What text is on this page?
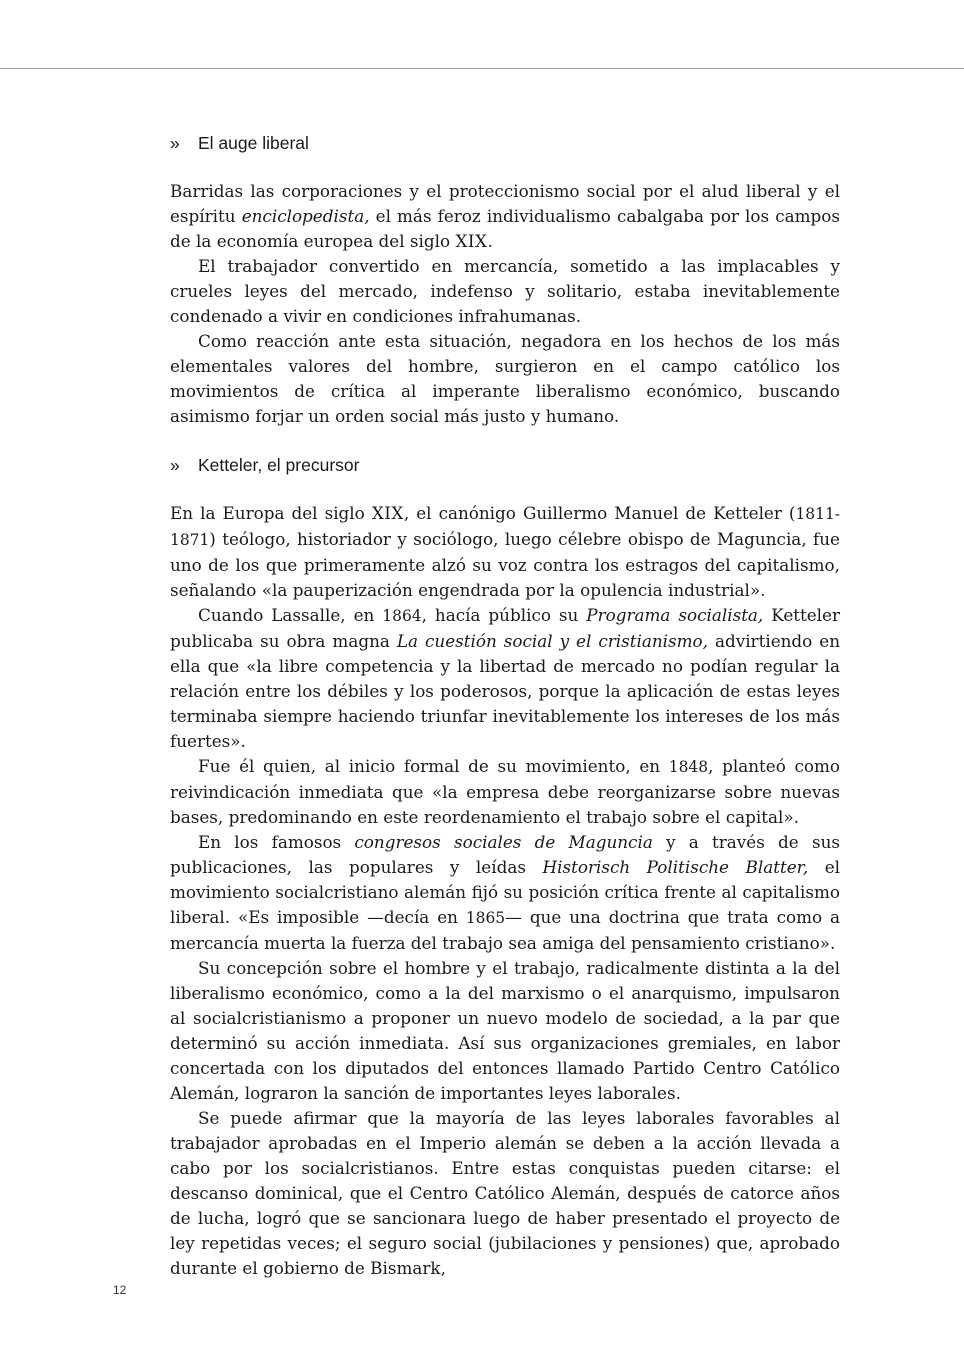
» El auge liberal

Barridas las corporaciones y el proteccionismo social por el alud liberal y el espíritu enciclopedista, el más feroz individualismo cabalgaba por los campos de la economía europea del siglo XIX.

El trabajador convertido en mercancía, sometido a las implacables y crueles leyes del mercado, indefenso y solitario, estaba inevitablemente condenado a vivir en condiciones infrahumanas.

Como reacción ante esta situación, negadora en los hechos de los más elementales valores del hombre, surgieron en el campo católico los movimientos de crítica al imperante liberalismo económico, buscando asimismo forjar un orden social más justo y humano.

» Ketteler, el precursor

En la Europa del siglo XIX, el canónigo Guillermo Manuel de Ketteler (1811-1871) teólogo, historiador y sociólogo, luego célebre obispo de Maguncia, fue uno de los que primeramente alzó su voz contra los estragos del capitalismo, señalando «la pauperización engendrada por la opulencia industrial».

Cuando Lassalle, en 1864, hacía público su Programa socialista, Ketteler publicaba su obra magna La cuestión social y el cristianismo, advirtiendo en ella que «la libre competencia y la libertad de mercado no podían regular la relación entre los débiles y los poderosos, porque la aplicación de estas leyes terminaba siempre haciendo triunfar inevitablemente los intereses de los más fuertes».

Fue él quien, al inicio formal de su movimiento, en 1848, planteó como reivindicación inmediata que «la empresa debe reorganizarse sobre nuevas bases, predominando en este reordenamiento el trabajo sobre el capital».

En los famosos congresos sociales de Maguncia y a través de sus publicaciones, las populares y leídas Historisch Politische Blatter, el movimiento socialcristiano alemán fijó su posición crítica frente al capitalismo liberal. «Es imposible —decía en 1865— que una doctrina que trata como a mercancía muerta la fuerza del trabajo sea amiga del pensamiento cristiano».

Su concepción sobre el hombre y el trabajo, radicalmente distinta a la del liberalismo económico, como a la del marxismo o el anarquismo, impulsaron al socialcristianismo a proponer un nuevo modelo de sociedad, a la par que determinó su acción inmediata. Así sus organizaciones gremiales, en labor concertada con los diputados del entonces llamado Partido Centro Católico Alemán, lograron la sanción de importantes leyes laborales.

Se puede afirmar que la mayoría de las leyes laborales favorables al trabajador aprobadas en el Imperio alemán se deben a la acción llevada a cabo por los socialcristianos. Entre estas conquistas pueden citarse: el descanso dominical, que el Centro Católico Alemán, después de catorce años de lucha, logró que se sancionara luego de haber presentado el proyecto de ley repetidas veces; el seguro social (jubilaciones y pensiones) que, aprobado durante el gobierno de Bismark,

12
